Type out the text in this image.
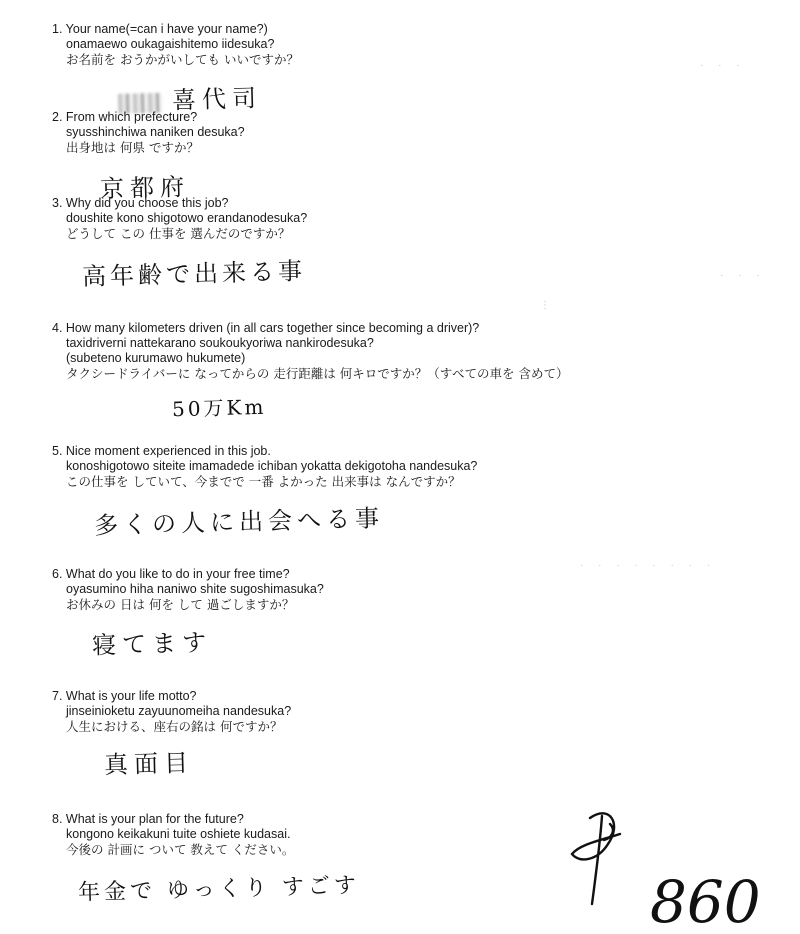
1. Your name(=can i have your name?)
onamaewo oukagaishitemo iidesuka?
お名前を おうかがいしても いいですか？
喜代司
2. From which prefecture?
syusshinchiwa naniken desuka?
出身地は 何県 ですか？
京都府
3. Why did you choose this job?
doushite kono shigotowo erandanodesuka?
どうして この 仕事を 選んだのですか？
高年齢で出来る事
4. How many kilometers driven (in all cars together since becoming a driver)?
taxidriverni nattekarano soukoukyoriwa nankirodesuka?
(subeteno kurumawo hukumete)
タクシードライバーに なってからの 走行距離は 何キロですか？（すべての車を 含めて）
50万Km
5. Nice moment experienced in this job.
konoshigotowo siteite imamadede ichiban yokatta dekigotoha nandesuka?
この仕事を していて、今までで 一番 よかった 出来事は なんですか？
多くの人に出会へる事
6. What do you like to do in your free time?
oyasumino hiha naniwo shite sugoshimasuka?
お休みの 日は 何を して 過ごしますか？
寝てます
7. What is your life motto?
jinseinioketu zayuunomeiha nandesuka?
人生における、座右の銘は 何ですか？
真面目
8. What is your plan for the future?
kongono keikakuni tuite oshiete kudasai.
今後の 計画に ついて 教えて ください。
年金で ゆっくり すごす
· · ·
· · · · · · · ·
· · ·
⋮
860
